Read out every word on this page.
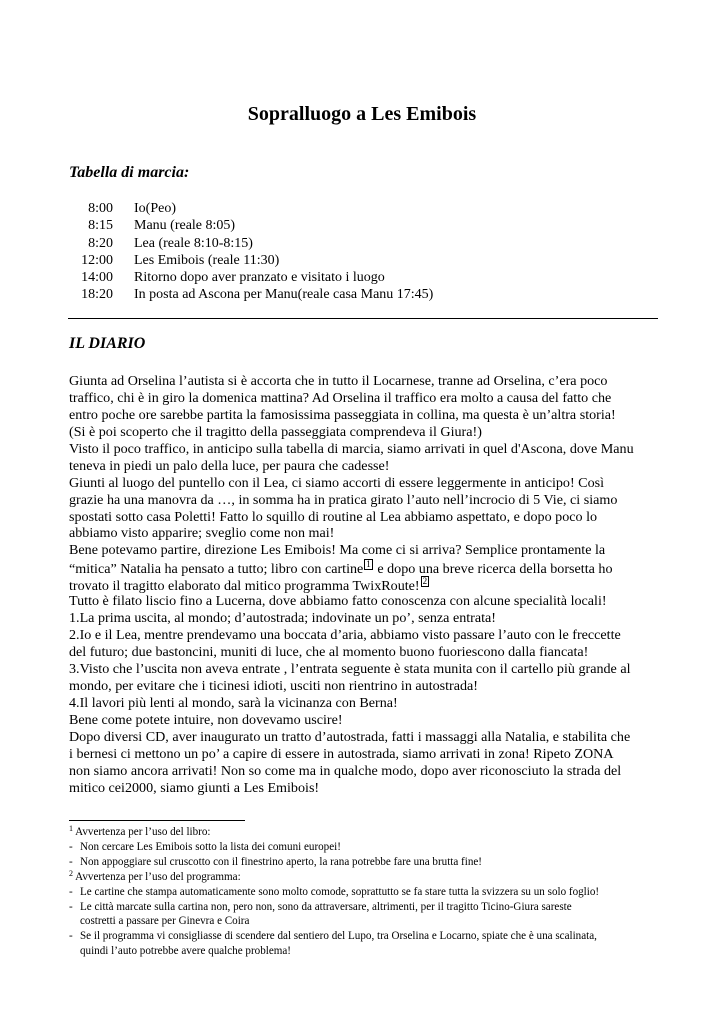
Sopralluogo a Les Emibois
Tabella di marcia:
8:00 Io(Peo)
8:15 Manu (reale 8:05)
8:20 Lea (reale 8:10-8:15)
12:00 Les Emibois (reale 11:30)
14:00 Ritorno dopo aver pranzato e visitato i luogo
18:20 In posta ad Ascona per Manu(reale casa Manu 17:45)
IL DIARIO
Giunta ad Orselina l’autista si è accorta che in tutto il Locarnese, tranne ad Orselina, c’era poco
traffico, chi è in giro la domenica mattina? Ad Orselina il traffico era molto a causa del fatto che
entro poche ore sarebbe partita la famosissima passeggiata in collina, ma questa è un’altra storia!
(Si è poi scoperto che il tragitto della passeggiata comprendeva il Giura!)
Visto il poco traffico, in anticipo sulla tabella di marcia, siamo arrivati in quel d'Ascona, dove Manu
teneva in piedi un palo della luce, per paura che cadesse!
Giunti al luogo del puntello con il Lea, ci siamo accorti di essere leggermente in anticipo! Così
grazie ha una manovra da …, in somma ha in pratica girato l’auto nell’incrocio di 5 Vie, ci siamo
spostati sotto casa Poletti! Fatto lo squillo di routine al Lea abbiamo aspettato, e dopo poco lo
abbiamo visto apparire; sveglio come non mai!
Bene potevamo partire, direzione Les Emibois! Ma come ci si arriva? Semplice prontamente la
“mitica” Natalia ha pensato a tutto; libro con cartine 1 e dopo una breve ricerca della borsetta ho
trovato il tragitto elaborato dal mitico programma TwixRoute! 2
Tutto è filato liscio fino a Lucerna, dove abbiamo fatto conoscenza con alcune specialità locali!
1.La prima uscita, al mondo; d’autostrada; indovinate un po’, senza entrata!
2.Io e il Lea, mentre prendevamo una boccata d’aria, abbiamo visto passare l’auto con le freccette
del futuro; due bastoncini, muniti di luce, che al momento buono fuoriescono dalla fiancata!
3.Visto che l’uscita non aveva entrate , l’entrata seguente è stata munita con il cartello più grande al
mondo, per evitare che i ticinesi idioti, usciti non rientrino in autostrada!
4.Il lavori più lenti al mondo, sarà la vicinanza con Berna!
Bene come potete intuire, non dovevamo uscire!
Dopo diversi CD, aver inaugurato un tratto d’autostrada, fatti i massaggi alla Natalia, e stabilita che
i bernesi ci mettono un po’ a capire di essere in autostrada, siamo arrivati in zona! Ripeto ZONA
non siamo ancora arrivati! Non so come ma in qualche modo, dopo aver riconosciuto la strada del
mitico cei2000, siamo giunti a Les Emibois!
$^1$ Avvertenza per l’uso del libro:
- Non cercare Les Emibois sotto la lista dei comuni europei!
- Non appoggiare sul cruscotto con il finestrino aperto, la rana potrebbe fare una brutta fine!
$^2$ Avvertenza per l’uso del programma:
- Le cartine che stampa automaticamente sono molto comode, soprattutto se fa stare tutta la svizzera su un solo foglio!
- Le città marcate sulla cartina non, pero non, sono da attraversare, altrimenti, per il tragitto Ticino-Giura sareste
costretti a passare per Ginevra e Coira
- Se il programma vi consigliasse di scendere dal sentiero del Lupo, tra Orselina e Locarno, spiate che è una scalinata,
quindi l’auto potrebbe avere qualche problema!
